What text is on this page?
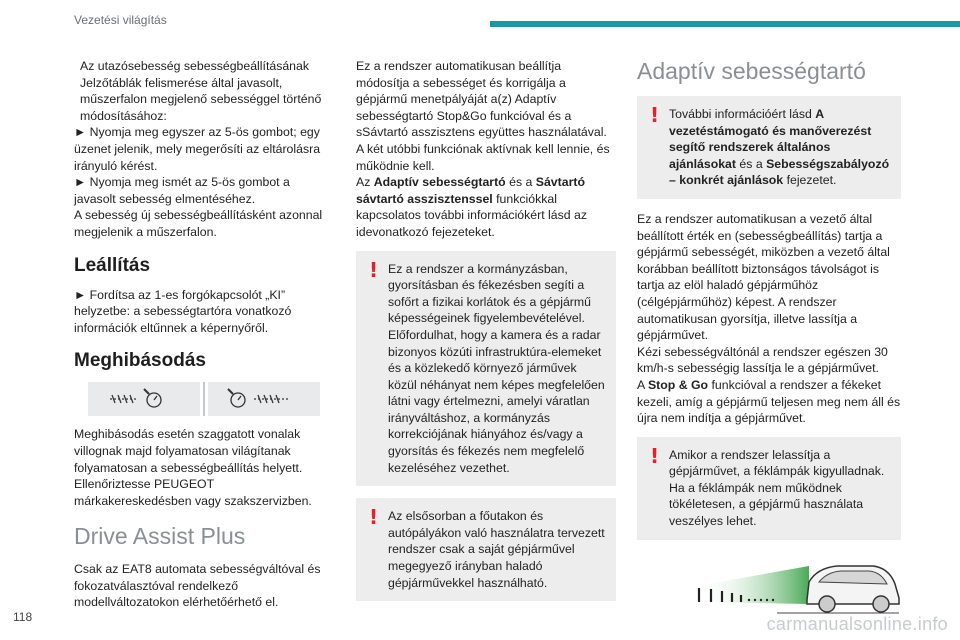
Vezetési világítás

Az utazósebesség sebességbeállításának Jelzőtáblák felismerése által javasolt, műszerfalon megjelenő sebességgel történő módosításához:

► Nyomja meg egyszer az 5-ös gombot; egy üzenet jelenik, mely megerősíti az eltárolásra irányuló kérést.

► Nyomja meg ismét az 5-ös gombot a javasolt sebesség elmentéséhez.

A sebesség új sebességbeállításként azonnal megjelenik a műszerfalon.

Leállítás

► Fordítsa az 1-es forgókapcsolót „KI” helyzetbe: a sebességtartóra vonatkozó információk eltűnnek a képernyőről.

Meghibásodás

Meghibásodás esetén szaggatott vonalak villognak majd folyamatosan világítanak folyamatosan a sebességbeállítás helyett. Ellenőriztesse PEUGEOT márkakereskedésben vagy szakszervizben.

Drive Assist Plus

Csak az EAT8 automata sebességváltóval és fokozatválasztóval rendelkező modellváltozatokon elérhetőérhető el.

Ez a rendszer automatikusan beállítja módosítja a sebességet és korrigálja a gépjármű menetpályáját a(z) Adaptív sebességtartó Stop&Go funkcióval és a sSávtartó asszisztens együttes használatával.

A két utóbbi funkciónak aktívnak kell lennie, és működnie kell.

Az Adaptív sebességtartó és a Sávtartó sávtartó asszisztenssel funkciókkal kapcsolatos további információkért lásd az idevonatkozó fejezeteket.

! Ez a rendszer a kormányzásban, gyorsításban és fékezésben segíti a sofőrt a fizikai korlátok és a gépjármű képességeinek figyelembevételével. Előfordulhat, hogy a kamera és a radar bizonyos közúti infrastruktúra-elemeket és a közlekedő környező járművek közül néhányat nem képes megfelelően látni vagy értelmezni, amelyi váratlan irányváltáshoz, a kormányzás korrekciójának hiányához és/vagy a gyorsítás és fékezés nem megfelelő kezeléséhez vezethet.

! Az elsősorban a főutakon és autópályákon való használatra tervezett rendszer csak a saját gépjárművel megegyező irányban haladó gépjárművekkel használható.

Adaptív sebességtartó
! További információért lásd A vezetéstámogató és manőverezést segítő rendszerek általános ajánlásokat és a Sebességszabályozó – konkrét ajánlások fejezetet.

Ez a rendszer automatikusan a vezető által beállított érték en (sebességbeállítás) tartja a gépjármű sebességét, miközben a vezető által korábban beállított biztonságos távolságot is tartja az elöl haladó gépjárműhöz (célgépjárműhöz) képest. A rendszer automatikusan gyorsítja, illetve lassítja a gépjárművet.

Kézi sebességváltónál a rendszer egészen 30 km/h-s sebességig lassítja le a gépjárművet.

A Stop & Go funkcióval a rendszer a fékeket kezeli, amíg a gépjármű teljesen meg nem áll és újra nem indítja a gépjárművet.

! Amikor a rendszer lelassítja a gépjárművet, a féklámpák kigyulladnak. Ha a féklámpák nem működnek tökéletesen, a gépjármű használata veszélyes lehet.

118	carmanualsonline.info
